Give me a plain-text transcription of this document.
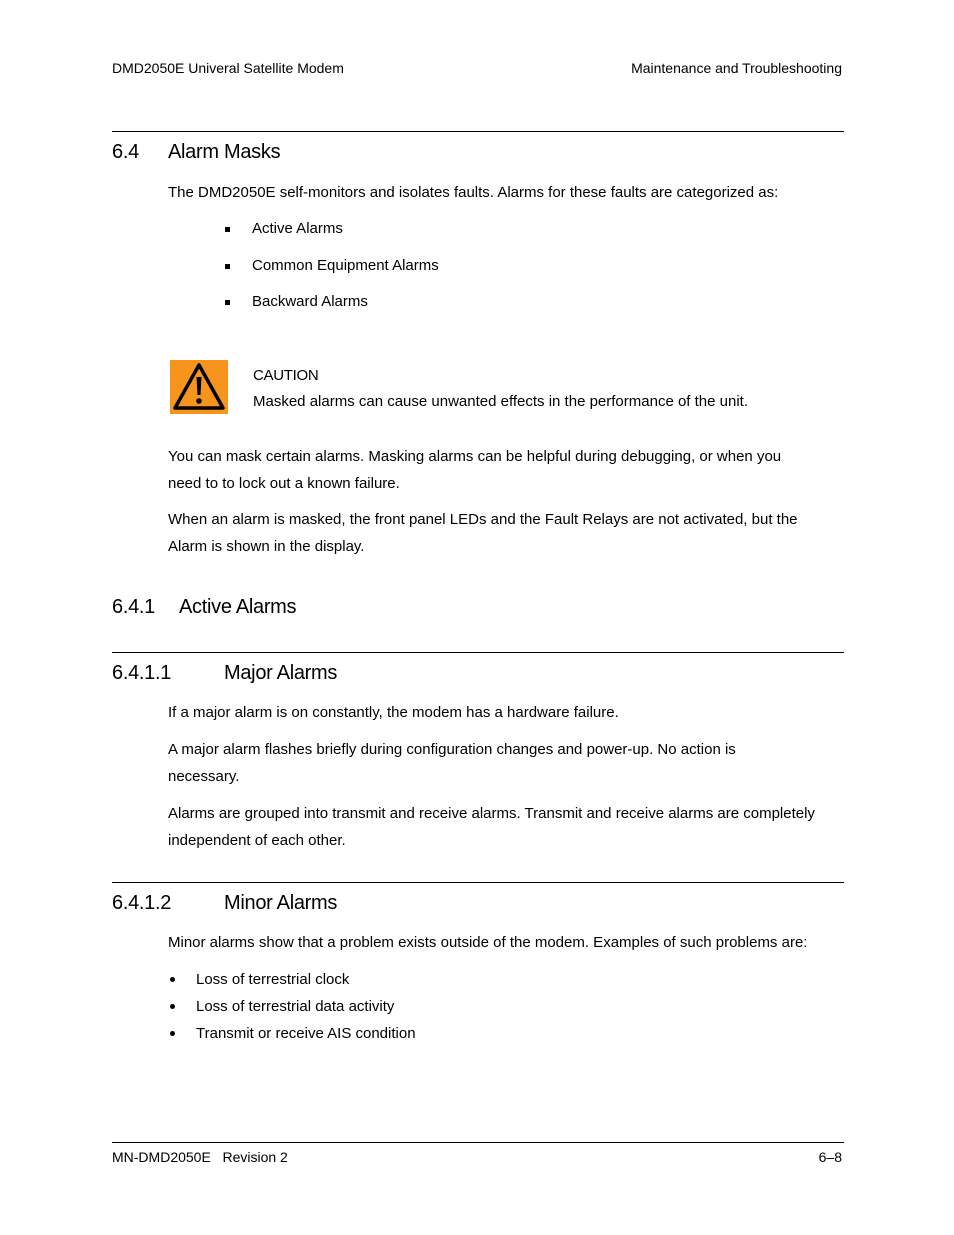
DMD2050E Univeral Satellite Modem	Maintenance and Troubleshooting
6.4 Alarm Masks
The DMD2050E self-monitors and isolates faults. Alarms for these faults are categorized as:
Active Alarms
Common Equipment Alarms
Backward Alarms
CAUTION
Masked alarms can cause unwanted effects in the performance of the unit.
You can mask certain alarms. Masking alarms can be helpful during debugging, or when you
need to to lock out a known failure.
When an alarm is masked, the front panel LEDs and the Fault Relays are not activated, but the
Alarm is shown in the display.
6.4.1 Active Alarms
6.4.1.1	Major Alarms
If a major alarm is on constantly, the modem has a hardware failure.
A major alarm flashes briefly during configuration changes and power-up. No action is
necessary.
Alarms are grouped into transmit and receive alarms. Transmit and receive alarms are completely
independent of each other.
6.4.1.2	Minor Alarms
Minor alarms show that a problem exists outside of the modem. Examples of such problems are:
Loss of terrestrial clock
Loss of terrestrial data activity
Transmit or receive AIS condition
MN-DMD2050E   Revision 2	6–8
